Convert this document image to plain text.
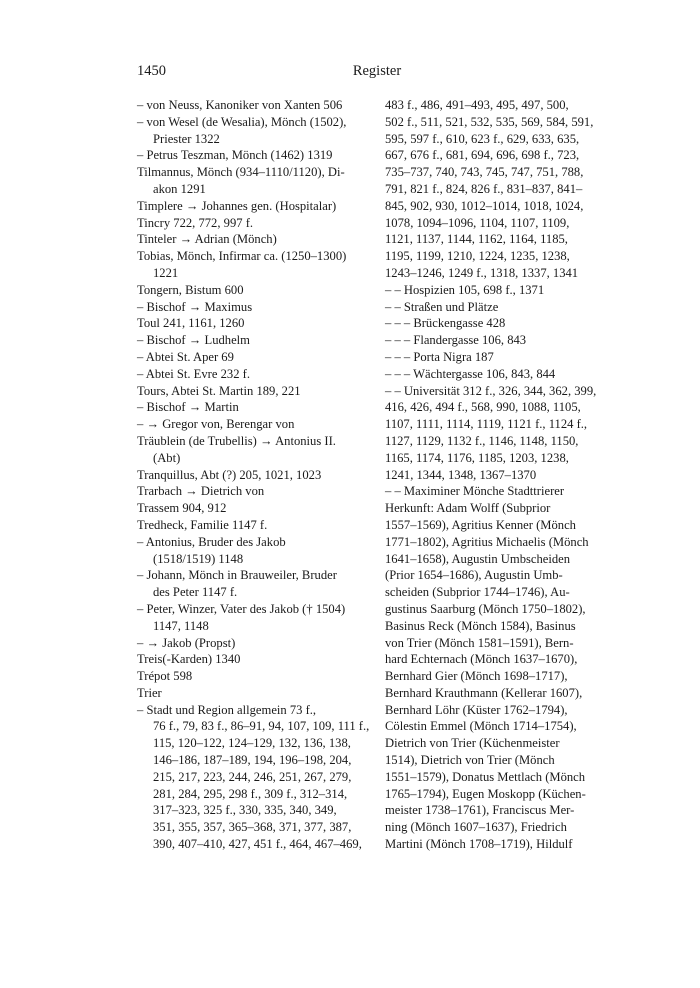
1450	Register
– von Neuss, Kanoniker von Xanten 506
– von Wesel (de Wesalia), Mönch (1502),
Priester 1322
– Petrus Teszman, Mönch (1462) 1319
Tilmannus, Mönch (934–1110/1120), Di-
akon 1291
Timplere → Johannes gen. (Hospitalar)
Tincry 722, 772, 997 f.
Tinteler → Adrian (Mönch)
Tobias, Mönch, Infirmar ca. (1250–1300)
1221
Tongern, Bistum 600
– Bischof → Maximus
Toul 241, 1161, 1260
– Bischof → Ludhelm
– Abtei St. Aper 69
– Abtei St. Evre 232 f.
Tours, Abtei St. Martin 189, 221
– Bischof → Martin
– → Gregor von, Berengar von
Träublein (de Trubellis) → Antonius II.
(Abt)
Tranquillus, Abt (?) 205, 1021, 1023
Trarbach → Dietrich von
Trassem 904, 912
Tredheck, Familie 1147 f.
– Antonius, Bruder des Jakob
(1518/1519) 1148
– Johann, Mönch in Brauweiler, Bruder
des Peter 1147 f.
– Peter, Winzer, Vater des Jakob († 1504)
1147, 1148
– → Jakob (Propst)
Treis(-Karden) 1340
Trépot 598
Trier
– Stadt und Region allgemein 73 f.,
76 f., 79, 83 f., 86–91, 94, 107, 109, 111 f.,
115, 120–122, 124–129, 132, 136, 138,
146–186, 187–189, 194, 196–198, 204,
215, 217, 223, 244, 246, 251, 267, 279,
281, 284, 295, 298 f., 309 f., 312–314,
317–323, 325 f., 330, 335, 340, 349,
351, 355, 357, 365–368, 371, 377, 387,
390, 407–410, 427, 451 f., 464, 467–469,
483 f., 486, 491–493, 495, 497, 500,
502 f., 511, 521, 532, 535, 569, 584, 591,
595, 597 f., 610, 623 f., 629, 633, 635,
667, 676 f., 681, 694, 696, 698 f., 723,
735–737, 740, 743, 745, 747, 751, 788,
791, 821 f., 824, 826 f., 831–837, 841–
845, 902, 930, 1012–1014, 1018, 1024,
1078, 1094–1096, 1104, 1107, 1109,
1121, 1137, 1144, 1162, 1164, 1185,
1195, 1199, 1210, 1224, 1235, 1238,
1243–1246, 1249 f., 1318, 1337, 1341
– – Hospizien 105, 698 f., 1371
– – Straßen und Plätze
– – – Brückengasse 428
– – – Flandergasse 106, 843
– – – Porta Nigra 187
– – – Wächtergasse 106, 843, 844
– – Universität 312 f., 326, 344, 362, 399,
416, 426, 494 f., 568, 990, 1088, 1105,
1107, 1111, 1114, 1119, 1121 f., 1124 f.,
1127, 1129, 1132 f., 1146, 1148, 1150,
1165, 1174, 1176, 1185, 1203, 1238,
1241, 1344, 1348, 1367–1370
– – Maximiner Mönche Stadttrierer
Herkunft: Adam Wolff (Subprior
1557–1569), Agritius Kenner (Mönch
1771–1802), Agritius Michaelis (Mönch
1641–1658), Augustin Umbscheiden
(Prior 1654–1686), Augustin Umb-
scheiden (Subprior 1744–1746), Au-
gustinus Saarburg (Mönch 1750–1802),
Basinus Reck (Mönch 1584), Basinus
von Trier (Mönch 1581–1591), Bern-
hard Echternach (Mönch 1637–1670),
Bernhard Gier (Mönch 1698–1717),
Bernhard Krauthmann (Kellerar 1607),
Bernhard Löhr (Küster 1762–1794),
Cölestin Emmel (Mönch 1714–1754),
Dietrich von Trier (Küchenmeister
1514), Dietrich von Trier (Mönch
1551–1579), Donatus Mettlach (Mönch
1765–1794), Eugen Moskopp (Küchen-
meister 1738–1761), Franciscus Mer-
ning (Mönch 1607–1637), Friedrich
Martini (Mönch 1708–1719), Hildulf
